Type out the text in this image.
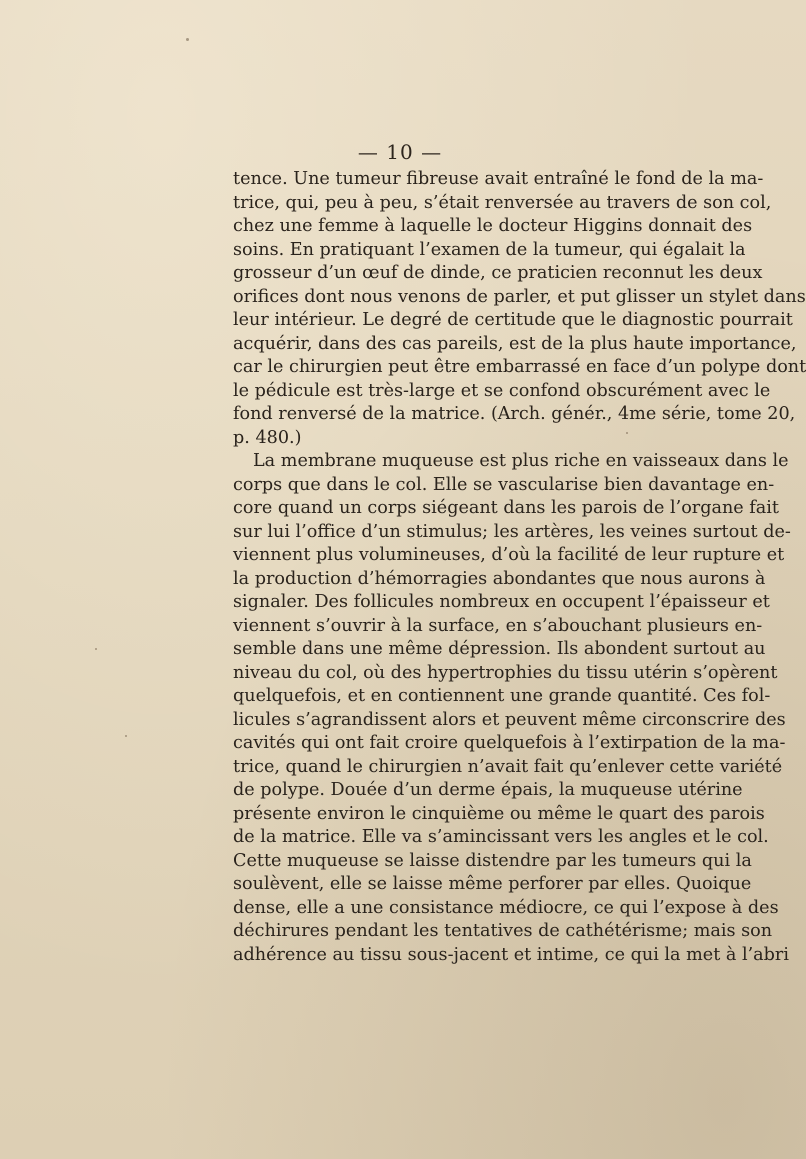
— 10 —
tence. Une tumeur fibreuse avait entraîné le fond de la ma-
trice, qui, peu à peu, s’était renversée au travers de son col,
chez une femme à laquelle le docteur Higgins donnait des
soins. En pratiquant l’examen de la tumeur, qui égalait la
grosseur d’un œuf de dinde, ce praticien reconnut les deux
orifices dont nous venons de parler, et put glisser un stylet dans
leur intérieur. Le degré de certitude que le diagnostic pourrait
acquérir, dans des cas pareils, est de la plus haute importance,
car le chirurgien peut être embarrassé en face d’un polype dont
le pédicule est très-large et se confond obscurément avec le
fond renversé de la matrice. (Arch. génér., 4me série, tome 20,
p. 480.)
La membrane muqueuse est plus riche en vaisseaux dans le
corps que dans le col. Elle se vascularise bien davantage en-
core quand un corps siégeant dans les parois de l’organe fait
sur lui l’office d’un stimulus; les artères, les veines surtout de-
viennent plus volumineuses, d’où la facilité de leur rupture et
la production d’hémorragies abondantes que nous aurons à
signaler. Des follicules nombreux en occupent l’épaisseur et
viennent s’ouvrir à la surface, en s’abouchant plusieurs en-
semble dans une même dépression. Ils abondent surtout au
niveau du col, où des hypertrophies du tissu utérin s’opèrent
quelquefois, et en contiennent une grande quantité. Ces fol-
licules s’agrandissent alors et peuvent même circonscrire des
cavités qui ont fait croire quelquefois à l’extirpation de la ma-
trice, quand le chirurgien n’avait fait qu’enlever cette variété
de polype. Douée d’un derme épais, la muqueuse utérine
présente environ le cinquième ou même le quart des parois
de la matrice. Elle va s’amincissant vers les angles et le col.
Cette muqueuse se laisse distendre par les tumeurs qui la
soulèvent, elle se laisse même perforer par elles. Quoique
dense, elle a une consistance médiocre, ce qui l’expose à des
déchirures pendant les tentatives de cathétérisme; mais son
adhérence au tissu sous-jacent et intime, ce qui la met à l’abri
